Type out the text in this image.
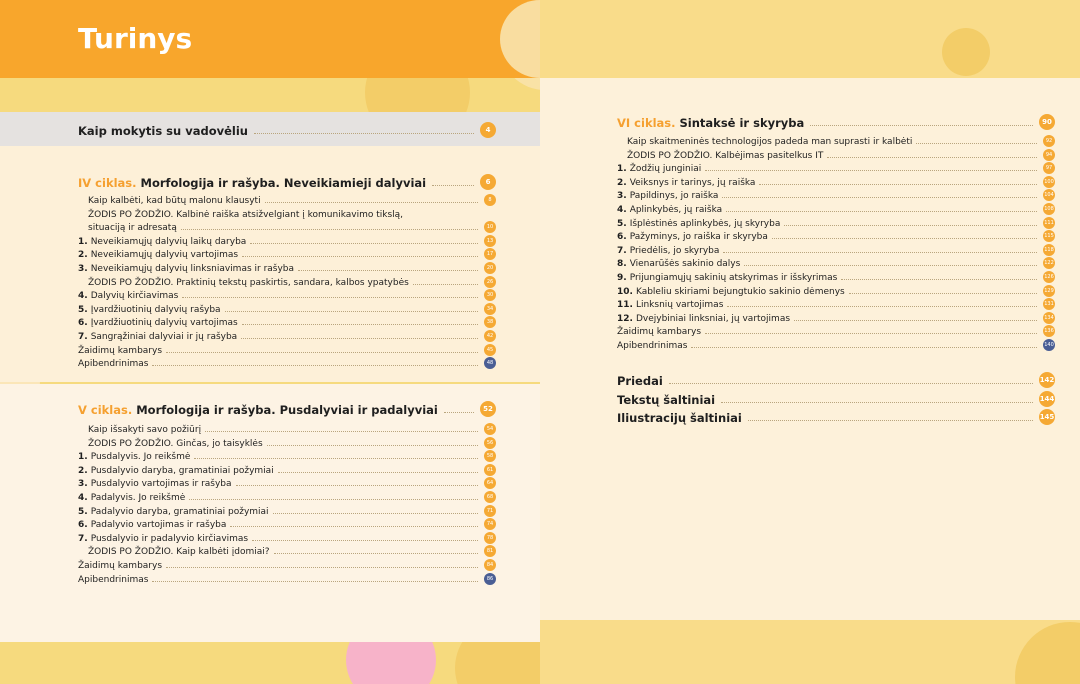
Turinys
Kaip mokytis su vadovėliu	4
IV ciklas. Morfologija ir rašyba. Neveikiamieji dalyviai	6
Kaip kalbėti, kad būtų malonu klausyti	8
ŽODIS PO ŽODŽIO. Kalbinė raiška atsižvelgiant į komunikavimo tikslą,
situaciją ir adresatą	10
1. Neveikiamųjų dalyvių laikų daryba	13
2. Neveikiamųjų dalyvių vartojimas	17
3. Neveikiamųjų dalyvių linksniavimas ir rašyba	20
ŽODIS PO ŽODŽIO. Praktinių tekstų paskirtis, sandara, kalbos ypatybės	26
4. Dalyvių kirčiavimas	30
5. Įvardžiuotinių dalyvių rašyba	34
6. Įvardžiuotinių dalyvių vartojimas	38
7. Sangrąžiniai dalyviai ir jų rašyba	42
Žaidimų kambarys	45
Apibendrinimas	48
V ciklas. Morfologija ir rašyba. Pusdalyviai ir padalyviai	52
Kaip išsakyti savo požiūrį	54
ŽODIS PO ŽODŽIO. Ginčas, jo taisyklės	56
1. Pusdalyvis. Jo reikšmė	58
2. Pusdalyvio daryba, gramatiniai požymiai	61
3. Pusdalyvio vartojimas ir rašyba	64
4. Padalyvis. Jo reikšmė	68
5. Padalyvio daryba, gramatiniai požymiai	71
6. Padalyvio vartojimas ir rašyba	74
7. Pusdalyvio ir padalyvio kirčiavimas	78
ŽODIS PO ŽODŽIO. Kaip kalbėti įdomiai?	81
Žaidimų kambarys	84
Apibendrinimas	86
VI ciklas. Sintaksė ir skyryba	90
Kaip skaitmeninės technologijos padeda man suprasti ir kalbėti	92
ŽODIS PO ŽODŽIO. Kalbėjimas pasitelkus IT	94
1. Žodžių junginiai	97
2. Veiksnys ir tarinys, jų raiška	100
3. Papildinys, jo raiška	104
4. Aplinkybės, jų raiška	108
5. Išplėstinės aplinkybės, jų skyryba	111
6. Pažyminys, jo raiška ir skyryba	115
7. Priedėlis, jo skyryba	118
8. Vienarūšės sakinio dalys	122
9. Prijungiamųjų sakinių atskyrimas ir išskyrimas	126
10. Kableliu skiriami bejungtukio sakinio dėmenys	129
11. Linksnių vartojimas	131
12. Dvejybiniai linksniai, jų vartojimas	134
Žaidimų kambarys	136
Apibendrinimas	140
Priedai	142
Tekstų šaltiniai	144
Iliustracijų šaltiniai	145
